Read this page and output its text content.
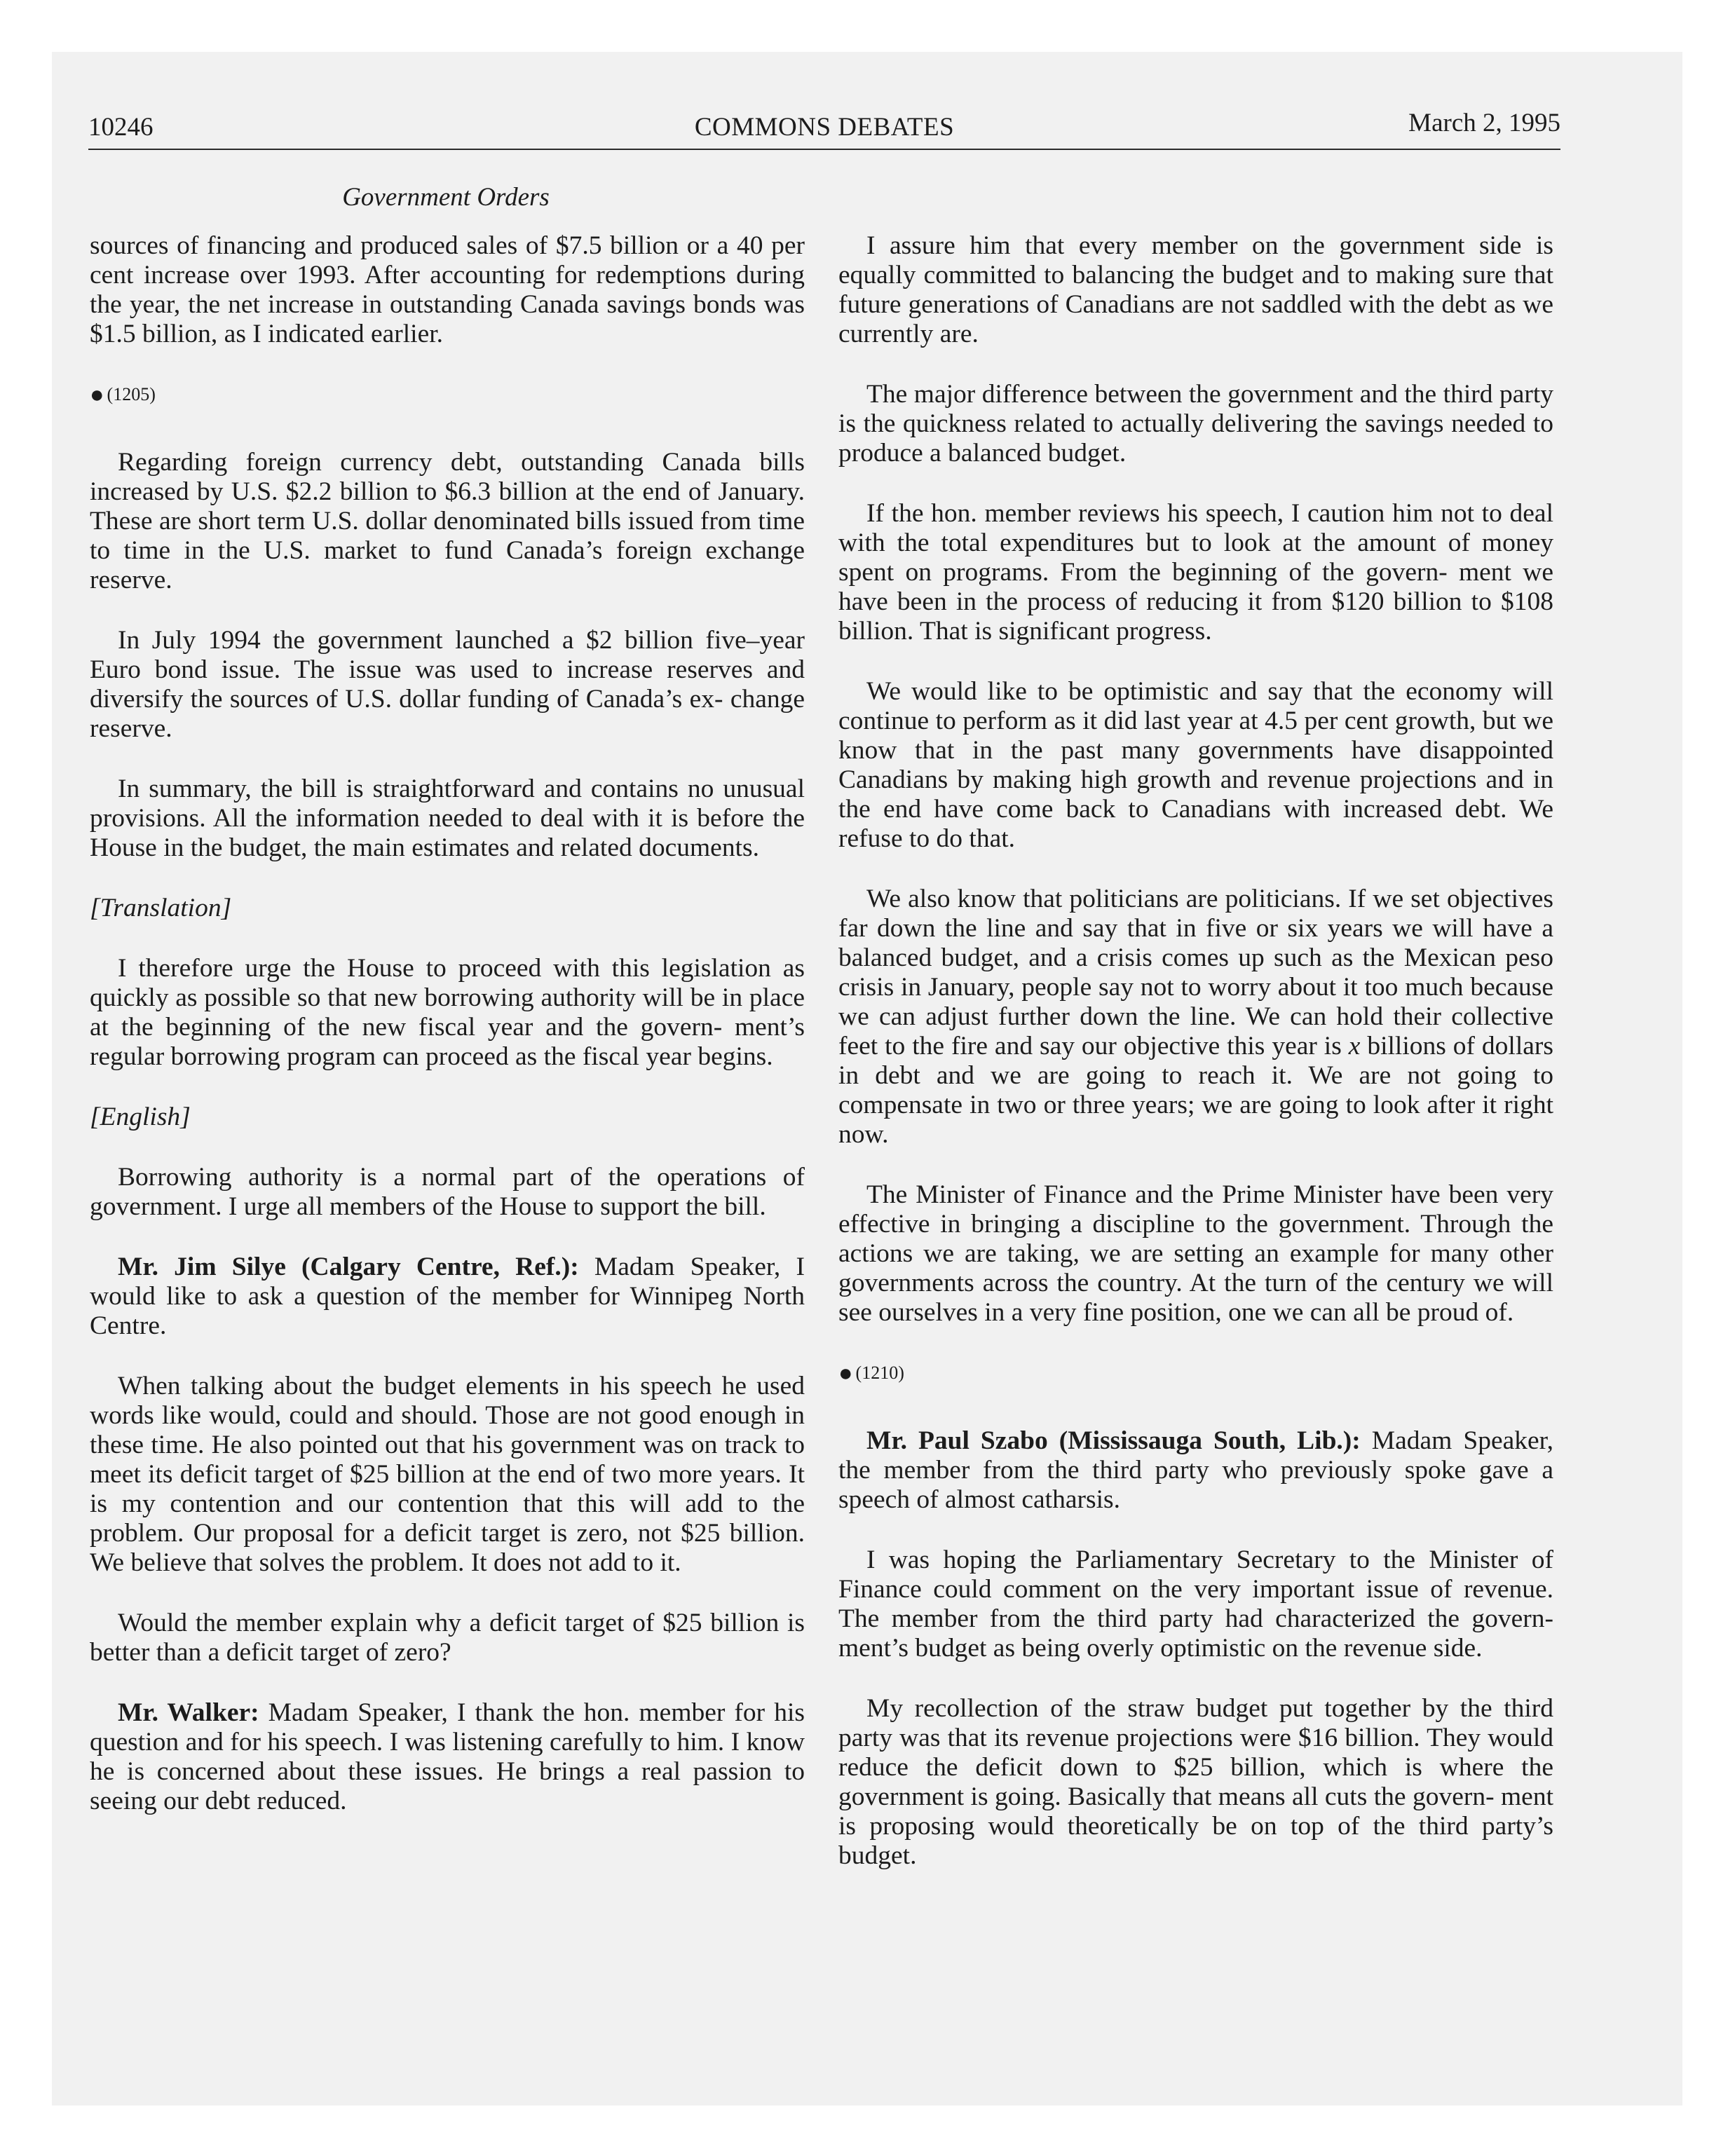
10246	COMMONS DEBATES	March 2, 1995
Government Orders

sources of financing and produced sales of $7.5 billion or a 40 per cent increase over 1993. After accounting for redemptions during the year, the net increase in outstanding Canada savings bonds was $1.5 billion, as I indicated earlier.

● (1205)

Regarding foreign currency debt, outstanding Canada bills increased by U.S. $2.2 billion to $6.3 billion at the end of January. These are short term U.S. dollar denominated bills issued from time to time in the U.S. market to fund Canada’s foreign exchange reserve.

In July 1994 the government launched a $2 billion five–year Euro bond issue. The issue was used to increase reserves and diversify the sources of U.S. dollar funding of Canada’s ex- change reserve.

In summary, the bill is straightforward and contains no unusual provisions. All the information needed to deal with it is before the House in the budget, the main estimates and related documents.

[Translation]

I therefore urge the House to proceed with this legislation as quickly as possible so that new borrowing authority will be in place at the beginning of the new fiscal year and the govern- ment’s regular borrowing program can proceed as the fiscal year begins.

[English]

Borrowing authority is a normal part of the operations of government. I urge all members of the House to support the bill.

Mr. Jim Silye (Calgary Centre, Ref.): Madam Speaker, I would like to ask a question of the member for Winnipeg North Centre.

When talking about the budget elements in his speech he used words like would, could and should. Those are not good enough in these time. He also pointed out that his government was on track to meet its deficit target of $25 billion at the end of two more years. It is my contention and our contention that this will add to the problem. Our proposal for a deficit target is zero, not $25 billion. We believe that solves the problem. It does not add to it.

Would the member explain why a deficit target of $25 billion is better than a deficit target of zero?

Mr. Walker: Madam Speaker, I thank the hon. member for his question and for his speech. I was listening carefully to him. I know he is concerned about these issues. He brings a real passion to seeing our debt reduced.

I assure him that every member on the government side is equally committed to balancing the budget and to making sure that future generations of Canadians are not saddled with the debt as we currently are.

The major difference between the government and the third party is the quickness related to actually delivering the savings needed to produce a balanced budget.

If the hon. member reviews his speech, I caution him not to deal with the total expenditures but to look at the amount of money spent on programs. From the beginning of the govern- ment we have been in the process of reducing it from $120 billion to $108 billion. That is significant progress.

We would like to be optimistic and say that the economy will continue to perform as it did last year at 4.5 per cent growth, but we know that in the past many governments have disappointed Canadians by making high growth and revenue projections and in the end have come back to Canadians with increased debt. We refuse to do that.

We also know that politicians are politicians. If we set objectives far down the line and say that in five or six years we will have a balanced budget, and a crisis comes up such as the Mexican peso crisis in January, people say not to worry about it too much because we can adjust further down the line. We can hold their collective feet to the fire and say our objective this year is x billions of dollars in debt and we are going to reach it. We are not going to compensate in two or three years; we are going to look after it right now.

The Minister of Finance and the Prime Minister have been very effective in bringing a discipline to the government. Through the actions we are taking, we are setting an example for many other governments across the country. At the turn of the century we will see ourselves in a very fine position, one we can all be proud of.

● (1210)

Mr. Paul Szabo (Mississauga South, Lib.): Madam Speaker, the member from the third party who previously spoke gave a speech of almost catharsis.

I was hoping the Parliamentary Secretary to the Minister of Finance could comment on the very important issue of revenue. The member from the third party had characterized the govern- ment’s budget as being overly optimistic on the revenue side.

My recollection of the straw budget put together by the third party was that its revenue projections were $16 billion. They would reduce the deficit down to $25 billion, which is where the government is going. Basically that means all cuts the govern- ment is proposing would theoretically be on top of the third party’s budget.
